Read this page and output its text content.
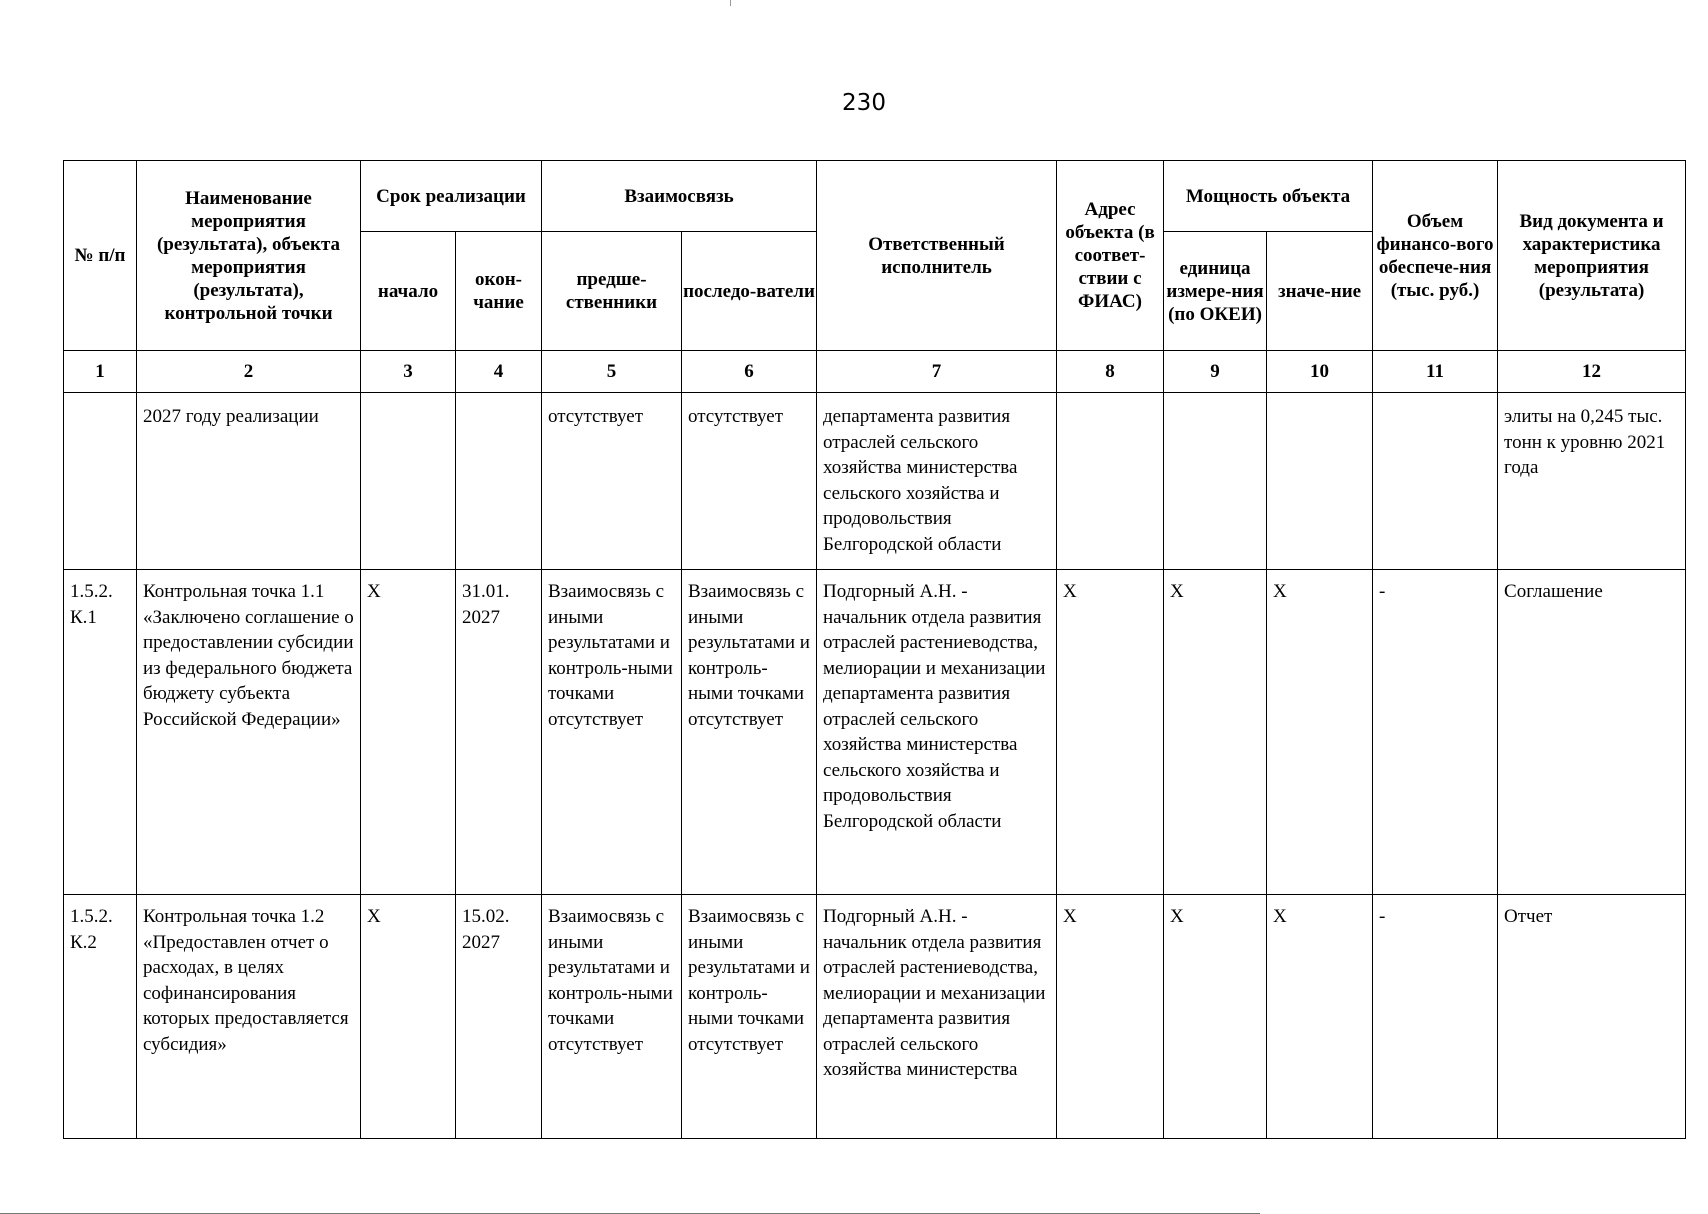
230
№ п/п	Наименование мероприятия (результата), объекта мероприятия (результата), контрольной точки	Срок реализации		Взаимосвязь		Ответственный исполнитель	Адрес объекта (в соответ-ствии с ФИАС)	Мощность объекта		Объем финансо-вого обеспече-ния (тыс. руб.)	Вид документа и характеристика мероприятия (результата)
		начало	окон-чание	предше-ственники	последо-ватели			единица измере-ния (по ОКЕИ)	значе-ние		
1	2	3	4	5	6	7	8	9	10	11	12
	2027 году реализации			отсутствует	отсутствует	департамента развития отраслей сельского хозяйства министерства сельского хозяйства и продовольствия Белгородской области					элиты на 0,245 тыс. тонн к уровню 2021 года
1.5.2. К.1	Контрольная точка 1.1 «Заключено соглашение о предоставлении субсидии из федерального бюджета бюджету субъекта Российской Федерации»	X	31.01. 2027	Взаимосвязь с иными результатами и контроль-ными точками отсутствует	Взаимосвязь с иными результатами и контроль-ными точками отсутствует	Подгорный А.Н. - начальник отдела развития отраслей растениеводства, мелиорации и механизации департамента развития отраслей сельского хозяйства министерства сельского хозяйства и продовольствия Белгородской области	X	X	X	-	Соглашение
1.5.2. К.2	Контрольная точка 1.2 «Предоставлен отчет о расходах, в целях софинансирования которых предоставляется субсидия»	X	15.02. 2027	Взаимосвязь с иными результатами и контроль-ными точками отсутствует	Взаимосвязь с иными результатами и контроль-ными точками отсутствует	Подгорный А.Н. - начальник отдела развития отраслей растениеводства, мелиорации и механизации департамента развития отраслей сельского хозяйства министерства	X	X	X	-	Отчет
